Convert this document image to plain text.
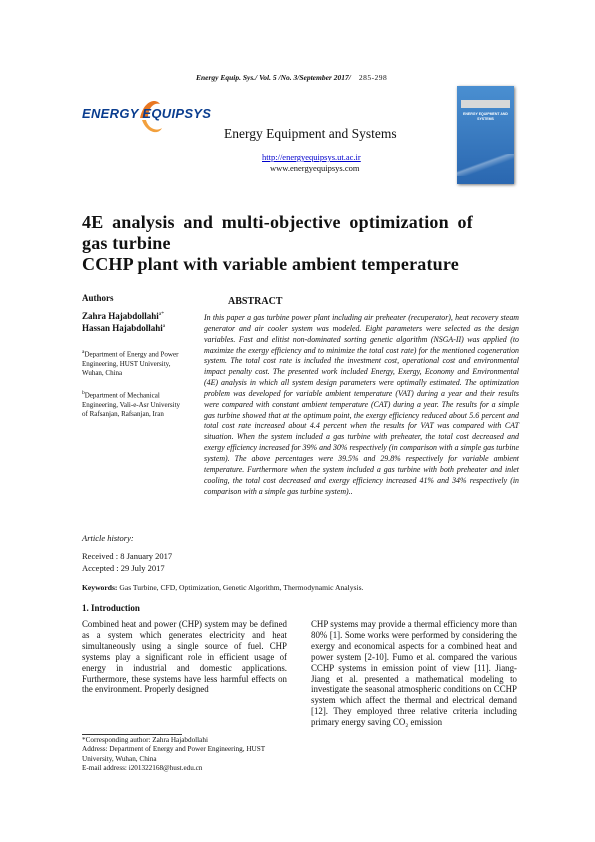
Energy Equip. Sys./ Vol. 5 /No. 3/September 2017/ 285-298
ENERGY EQUIPSYS
Energy Equipment and Systems
http://energyequipsys.ut.ac.ir
www.energyequipsys.com
ENERGY EQUIPMENT AND SYSTEMS
4E analysis and multi-objective optimization of
gas turbine
CCHP plant with variable ambient temperature
Authors
Zahra Hajabdollahi$^{a*}$
Hassan Hajabdollahi$^a$
$^a$Department of Energy and Power Engineering, HUST University, Wuhan, China
$^b$Department of Mechanical Engineering, Vali-e-Asr University of Rafsanjan, Rafsanjan, Iran
Article history:
Received : 8 January 2017
Accepted : 29 July 2017
ABSTRACT
In this paper a gas turbine power plant including air preheater (recuperator), heat recovery steam generator and air cooler system was modeled. Eight parameters were selected as the design variables. Fast and elitist non-dominated sorting genetic algorithm (NSGA-II) was applied (to maximize the exergy efficiency and to minimize the total cost rate) for the mentioned cogeneration system. The total cost rate is included the investment cost, operational cost and environmental impact penalty cost. The presented work included Energy, Exergy, Economy and Environmental (4E) analysis in which all system design parameters were optimally estimated. The optimization problem was developed for variable ambient temperature (VAT) during a year and their results were compared with constant ambient temperature (CAT) during a year. The results for a simple gas turbine showed that at the optimum point, the exergy efficiency reduced about 5.6 percent and total cost rate increased about 4.4 percent when the results for VAT was compared with CAT situation. When the system included a gas turbine with preheater, the total cost decreased and exergy efficiency increased for 39% and 30% respectively (in comparison with a simple gas turbine system). The above percentages were 39.5% and 29.8% respectively for variable ambient temperature. Furthermore when the system included a gas turbine with both preheater and inlet cooling, the total cost decreased and exergy efficiency increased 41% and 34% respectively (in comparison with a simple gas turbine system)..
Keywords: Gas Turbine, CFD, Optimization, Genetic Algorithm, Thermodynamic Analysis.
1. Introduction
Combined heat and power (CHP) system may be defined as a system which generates electricity and heat simultaneously using a single source of fuel. CHP systems play a significant role in efficient usage of energy in industrial and domestic applications. Furthermore, these systems have less harmful effects on the environment. Properly designed
CHP systems may provide a thermal efficiency more than 80% [1]. Some works were performed by considering the exergy and economical aspects for a combined heat and power system [2-10]. Fumo et al. compared the various CCHP systems in emission point of view [11]. Jiang-Jiang et al. presented a mathematical modeling to investigate the seasonal atmospheric conditions on CCHP system which affect the thermal and electrical demand [12]. They employed three relative criteria including primary energy saving CO₂ emission
*Corresponding author: Zahra Hajabdollahi
Address: Department of Energy and Power Engineering, HUST University, Wuhan, China
E-mail address: i201322168@hust.edu.cn
